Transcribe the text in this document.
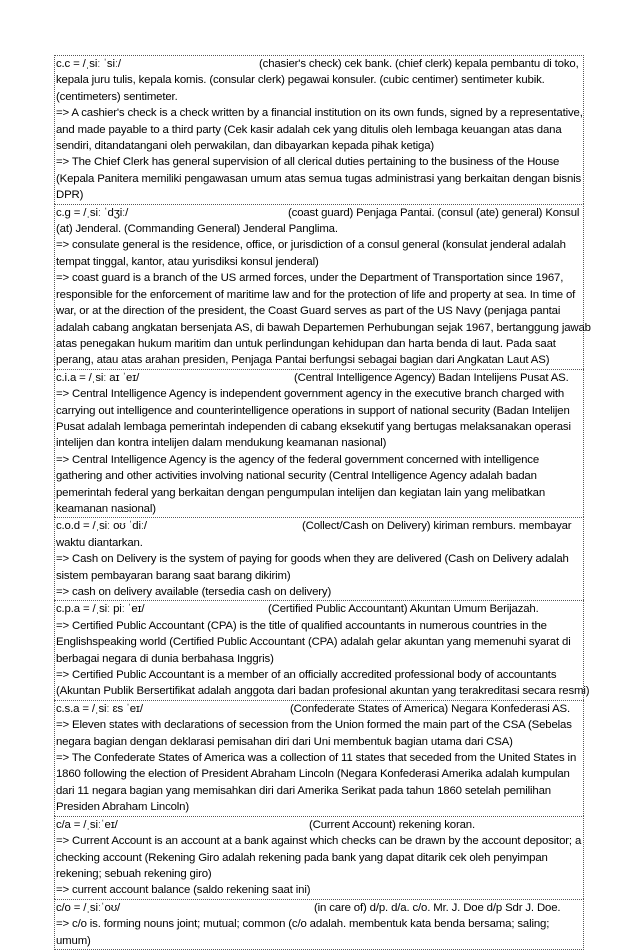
c.c = /ˌsiː ˈsiː/	(chasier's check) cek bank. (chief clerk) kepala pembantu di toko,
kepala juru tulis, kepala komis. (consular clerk) pegawai konsuler. (cubic centimer) sentimeter kubik.
(centimeters) sentimeter.
=> A cashier's check is a check written by a financial institution on its own funds, signed by a representative,
and made payable to a third party (Cek kasir adalah cek yang ditulis oleh lembaga keuangan atas dana
sendiri, ditandatangani oleh perwakilan, dan dibayarkan kepada pihak ketiga)
=> The Chief Clerk has general supervision of all clerical duties pertaining to the business of the House
(Kepala Panitera memiliki pengawasan umum atas semua tugas administrasi yang berkaitan dengan bisnis
DPR)
c.g = /ˌsiː ˈdʒiː/	(coast guard) Penjaga Pantai. (consul (ate) general) Konsul
(at) Jenderal. (Commanding General) Jenderal Panglima.
=> consulate general is the residence, office, or jurisdiction of a consul general (konsulat jenderal adalah
tempat tinggal, kantor, atau yurisdiksi konsul jenderal)
=> coast guard is a branch of the US armed forces, under the Department of Transportation since 1967,
responsible for the enforcement of maritime law and for the protection of life and property at sea. In time of
war, or at the direction of the president, the Coast Guard serves as part of the US Navy (penjaga pantai
adalah cabang angkatan bersenjata AS, di bawah Departemen Perhubungan sejak 1967, bertanggung jawab
atas penegakan hukum maritim dan untuk perlindungan kehidupan dan harta benda di laut. Pada saat
perang, atau atas arahan presiden, Penjaga Pantai berfungsi sebagai bagian dari Angkatan Laut AS)
c.i.a = /ˌsiː aɪ ˈeɪ/	(Central Intelligence Agency) Badan Intelijens Pusat AS.
=> Central Intelligence Agency is independent government agency in the executive branch charged with
carrying out intelligence and counterintelligence operations in support of national security (Badan Intelijen
Pusat adalah lembaga pemerintah independen di cabang eksekutif yang bertugas melaksanakan operasi
intelijen dan kontra intelijen dalam mendukung keamanan nasional)
=> Central Intelligence Agency is the agency of the federal government concerned with intelligence
gathering and other activities involving national security (Central Intelligence Agency adalah badan
pemerintah federal yang berkaitan dengan pengumpulan intelijen dan kegiatan lain yang melibatkan
keamanan nasional)
c.o.d = /ˌsiː oʊ ˈdiː/	(Collect/Cash on Delivery) kiriman remburs. membayar
waktu diantarkan.
=> Cash on Delivery is the system of paying for goods when they are delivered (Cash on Delivery adalah
sistem pembayaran barang saat barang dikirim)
=> cash on delivery available (tersedia cash on delivery)
c.p.a = /ˌsiː piː ˈeɪ/	(Certified Public Accountant) Akuntan Umum Berijazah.
=> Certified Public Accountant (CPA) is the title of qualified accountants in numerous countries in the
Englishspeaking world (Certified Public Accountant (CPA) adalah gelar akuntan yang memenuhi syarat di
berbagai negara di dunia berbahasa Inggris)
=> Certified Public Accountant is a member of an officially accredited professional body of accountants
(Akuntan Publik Bersertifikat adalah anggota dari badan profesional akuntan yang terakreditasi secara resmi)
c.s.a = /ˌsiː ɛs ˈeɪ/	(Confederate States of America) Negara Konfederasi AS.
=> Eleven states with declarations of secession from the Union formed the main part of the CSA (Sebelas
negara bagian dengan deklarasi pemisahan diri dari Uni membentuk bagian utama dari CSA)
=> The Confederate States of America was a collection of 11 states that seceded from the United States in
1860 following the election of President Abraham Lincoln (Negara Konfederasi Amerika adalah kumpulan
dari 11 negara bagian yang memisahkan diri dari Amerika Serikat pada tahun 1860 setelah pemilihan
Presiden Abraham Lincoln)
c/a = /ˌsiːˈeɪ/	(Current Account) rekening koran.
=> Current Account is an account at a bank against which checks can be drawn by the account depositor; a
checking account (Rekening Giro adalah rekening pada bank yang dapat ditarik cek oleh penyimpan
rekening; sebuah rekening giro)
=> current account balance (saldo rekening saat ini)
c/o = /ˌsiːˈoʊ/	(in care of) d/p. d/a. c/o. Mr. J. Doe d/p Sdr J. Doe.
=> c/o is. forming nouns joint; mutual; common (c/o adalah. membentuk kata benda bersama; saling;
umum)
